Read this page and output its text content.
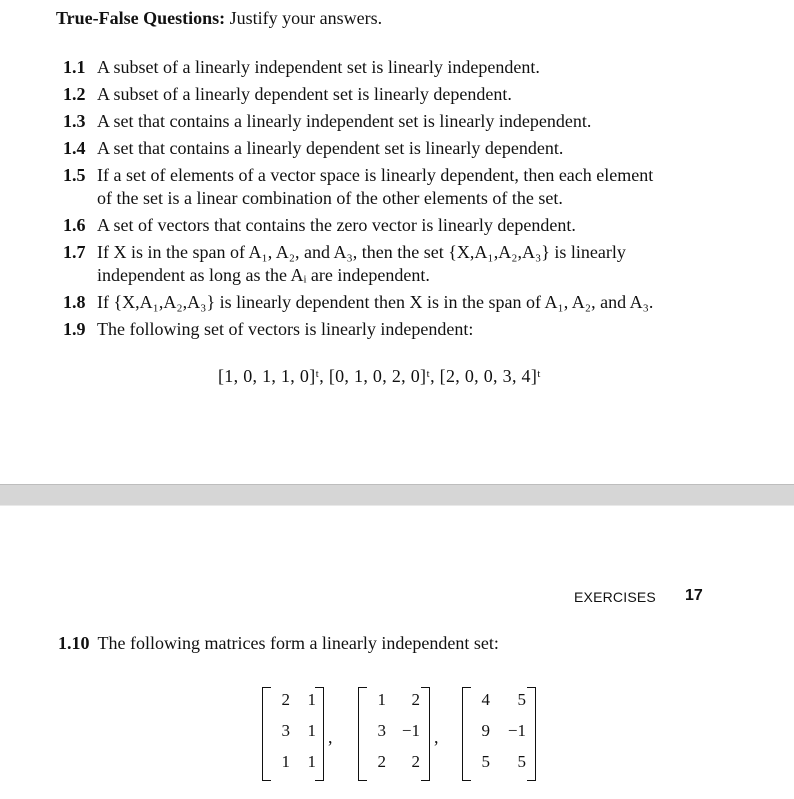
True-False Questions: Justify your answers.
1.1 A subset of a linearly independent set is linearly independent.
1.2 A subset of a linearly dependent set is linearly dependent.
1.3 A set that contains a linearly independent set is linearly independent.
1.4 A set that contains a linearly dependent set is linearly dependent.
1.5 If a set of elements of a vector space is linearly dependent, then each element
of the set is a linear combination of the other elements of the set.
1.6 A set of vectors that contains the zero vector is linearly dependent.
1.7 If X is in the span of A₁, A₂, and A₃, then the set {X,A₁,A₂,A₃} is linearly
independent as long as the Aᵢ are independent.
1.8 If {X,A₁,A₂,A₃} is linearly dependent then X is in the span of A₁, A₂, and A₃.
1.9 The following set of vectors is linearly independent:
[1, 0, 1, 1, 0]ᵗ, [0, 1, 0, 2, 0]ᵗ, [2, 0, 0, 3, 4]ᵗ
EXERCISES 17
1.10 The following matrices form a linearly independent set:
2	1
3	1
1	1
,
1	2
3 −1
2	2
,
4	5
9	−1
5	5
